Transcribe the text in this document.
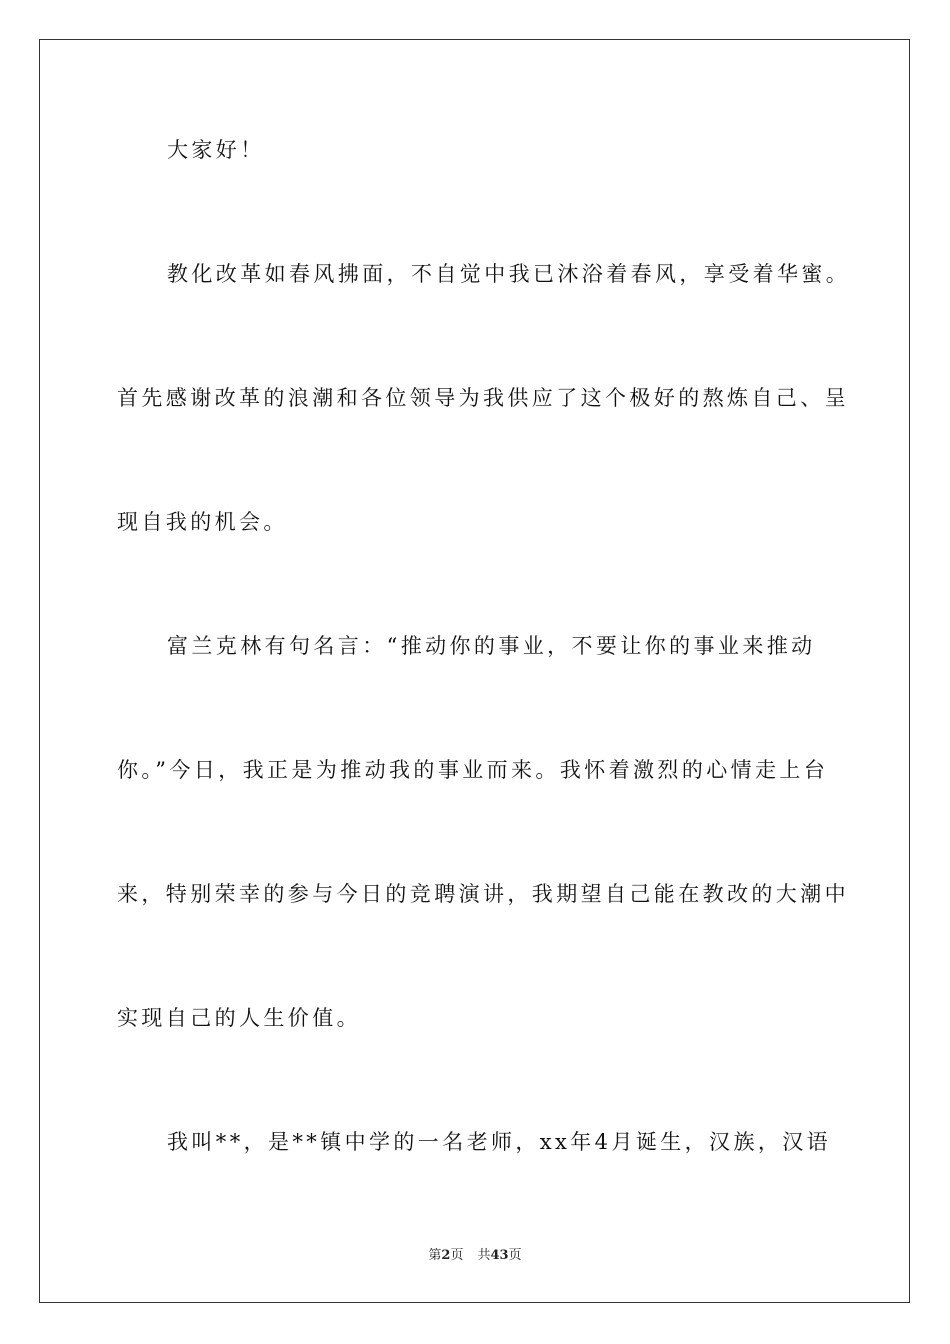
大家好！
教化改革如春风拂面，不自觉中我已沐浴着春风，享受着华蜜。
首先感谢改革的浪潮和各位领导为我供应了这个极好的熬炼自己、呈
现自我的机会。
富兰克林有句名言：“推动你的事业，不要让你的事业来推动
你。”今日，我正是为推动我的事业而来。我怀着激烈的心情走上台
来，特别荣幸的参与今日的竞聘演讲，我期望自己能在教改的大潮中
实现自己的人生价值。
我叫**，是**镇中学的一名老师，xx年4月诞生，汉族，汉语
第2页 共43页
